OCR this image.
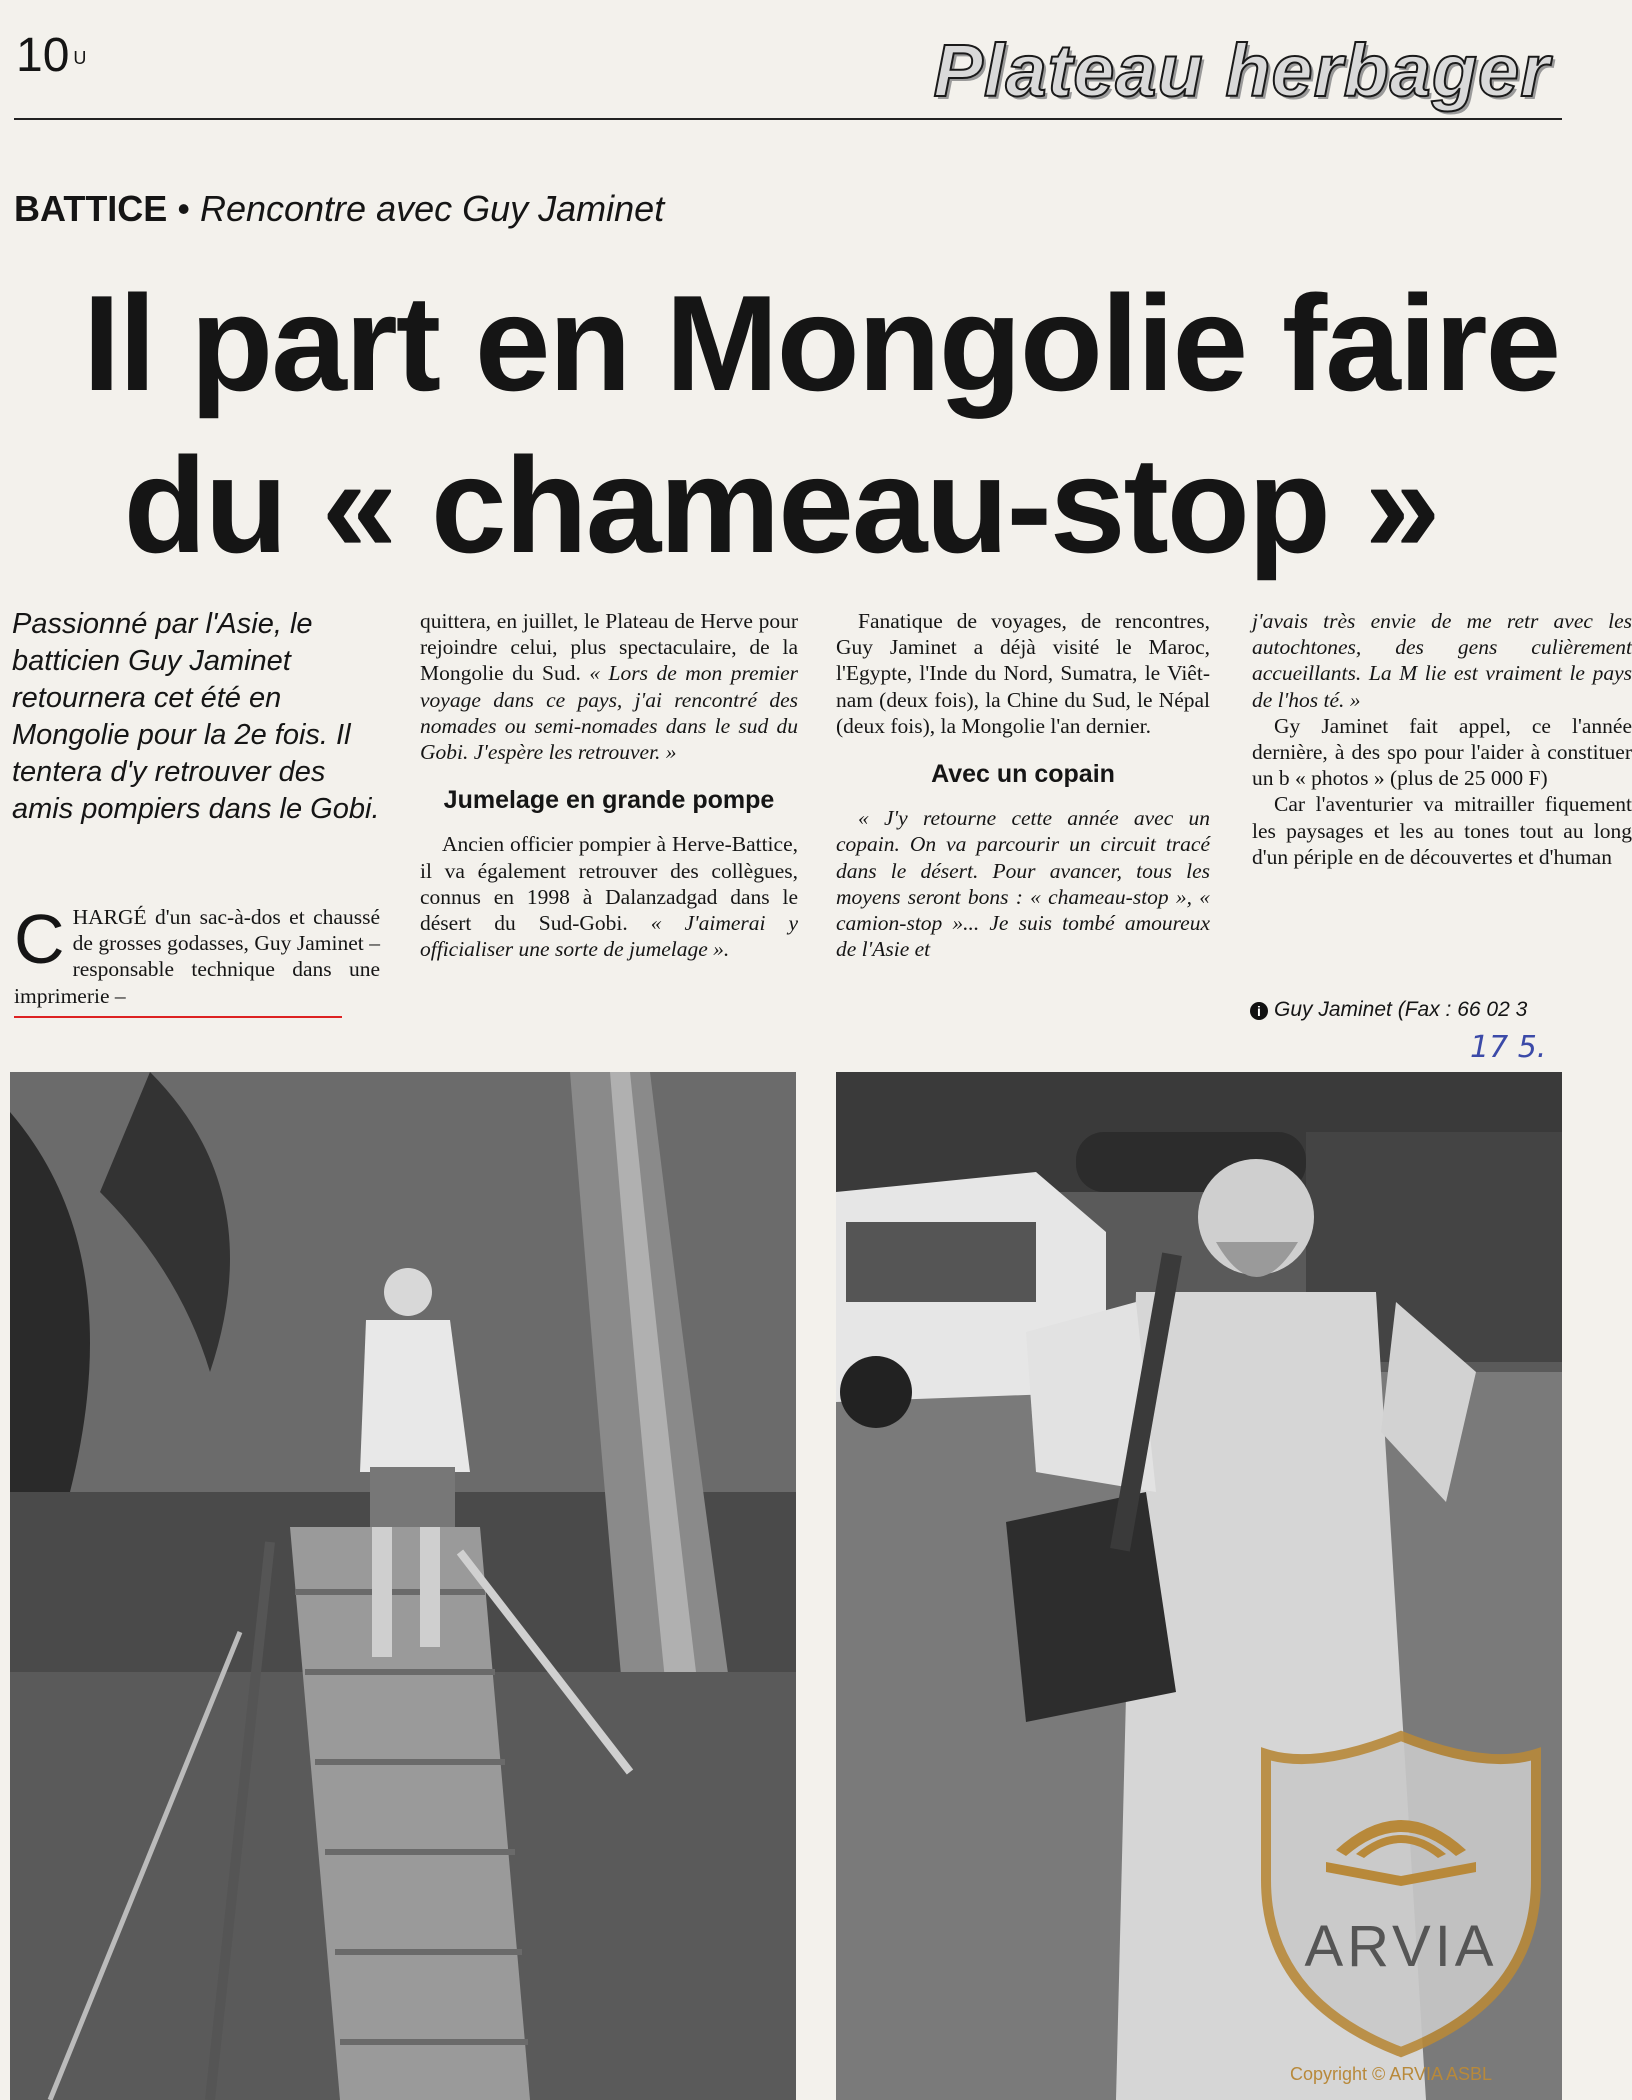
10 $^U$	Plateau herbager
BATTICE • Rencontre avec Guy Jaminet
Il part en Mongolie faire
du « chameau-stop »
Passionné par l'Asie, le batticien Guy Jaminet retournera cet été en Mongolie pour la 2e fois. Il tentera d'y retrouver des amis pompiers dans le Gobi.
C HARGÉ d'un sac-à-dos et chaussé de grosses godasses, Guy Jaminet – responsable technique dans une imprimerie –

quittera, en juillet, le Plateau de Herve pour rejoindre celui, plus spectaculaire, de la Mongolie du Sud. « Lors de mon premier voyage dans ce pays, j'ai rencontré des nomades ou semi-nomades dans le sud du Gobi. J'espère les retrouver. »

Jumelage en grande pompe

Ancien officier pompier à Herve-Battice, il va également retrouver des collègues, connus en 1998 à Dalanzadgad dans le désert du Sud-Gobi. « J'aimerai y officialiser une sorte de jumelage ».

Fanatique de voyages, de rencontres, Guy Jaminet a déjà visité le Maroc, l'Egypte, l'Inde du Nord, Sumatra, le Viêt-nam (deux fois), la Chine du Sud, le Népal (deux fois), la Mongolie l'an dernier.

Avec un copain

« J'y retourne cette année avec un copain. On va parcourir un circuit tracé dans le désert. Pour avancer, tous les moyens seront bons : « chameau-stop », « camion-stop »... Je suis tombé amoureux de l'Asie et

j'avais très envie de me retr avec les autochtones, des gens culièrement accueillants. La M lie est vraiment le pays de l'hos té. »

Gy Jaminet fait appel, ce l'année dernière, à des spo pour l'aider à constituer un b « photos » (plus de 25 000 F)

Car l'aventurier va mitrailler fiquement les paysages et les au tones tout au long d'un périple en de découvertes et d'human

i Guy Jaminet (Fax : 66 02 3
17 5.
ARVIA
Copyright © ARVIA ASBL
